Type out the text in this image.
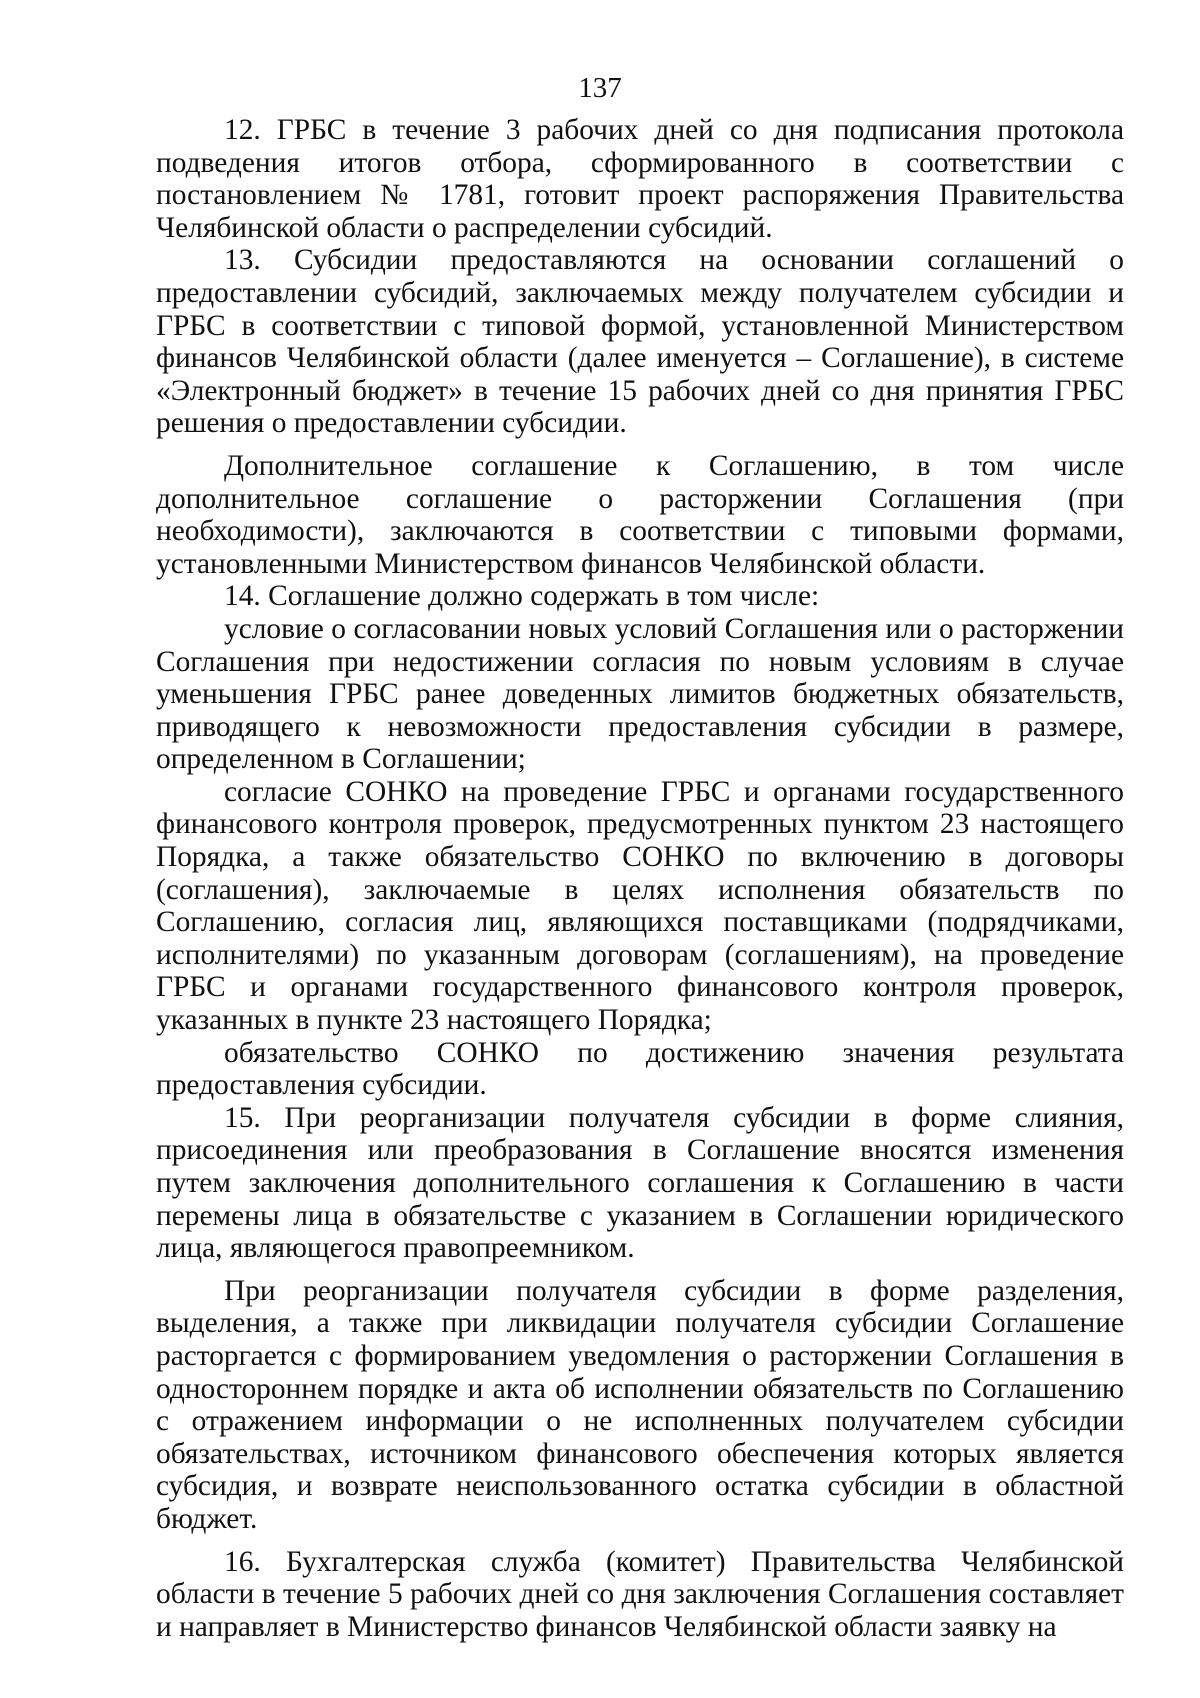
137

12. ГРБС в течение 3 рабочих дней со дня подписания протокола подведения итогов отбора, сформированного в соответствии с постановлением № 1781, готовит проект распоряжения Правительства Челябинской области о распределении субсидий.

13. Субсидии предоставляются на основании соглашений о предоставлении субсидий, заключаемых между получателем субсидии и ГРБС в соответствии с типовой формой, установленной Министерством финансов Челябинской области (далее именуется – Соглашение), в системе «Электронный бюджет» в течение 15 рабочих дней со дня принятия ГРБС решения о предоставлении субсидии.

Дополнительное соглашение к Соглашению, в том числе дополнительное соглашение о расторжении Соглашения (при необходимости), заключаются в соответствии с типовыми формами, установленными Министерством финансов Челябинской области.

14. Соглашение должно содержать в том числе:

условие о согласовании новых условий Соглашения или о расторжении Соглашения при недостижении согласия по новым условиям в случае уменьшения ГРБС ранее доведенных лимитов бюджетных обязательств, приводящего к невозможности предоставления субсидии в размере, определенном в Соглашении;

согласие СОНКО на проведение ГРБС и органами государственного финансового контроля проверок, предусмотренных пунктом 23 настоящего Порядка, а также обязательство СОНКО по включению в договоры (соглашения), заключаемые в целях исполнения обязательств по Соглашению, согласия лиц, являющихся поставщиками (подрядчиками, исполнителями) по указанным договорам (соглашениям), на проведение ГРБС и органами государственного финансового контроля проверок, указанных в пункте 23 настоящего Порядка;

обязательство СОНКО по достижению значения результата предоставления субсидии.

15. При реорганизации получателя субсидии в форме слияния, присоединения или преобразования в Соглашение вносятся изменения путем заключения дополнительного соглашения к Соглашению в части перемены лица в обязательстве с указанием в Соглашении юридического лица, являющегося правопреемником.

При реорганизации получателя субсидии в форме разделения, выделения, а также при ликвидации получателя субсидии Соглашение расторгается с формированием уведомления о расторжении Соглашения в одностороннем порядке и акта об исполнении обязательств по Соглашению с отражением информации о не исполненных получателем субсидии обязательствах, источником финансового обеспечения которых является субсидия, и возврате неиспользованного остатка субсидии в областной бюджет.

16. Бухгалтерская служба (комитет) Правительства Челябинской области в течение 5 рабочих дней со дня заключения Соглашения составляет и направляет в Министерство финансов Челябинской области заявку на
